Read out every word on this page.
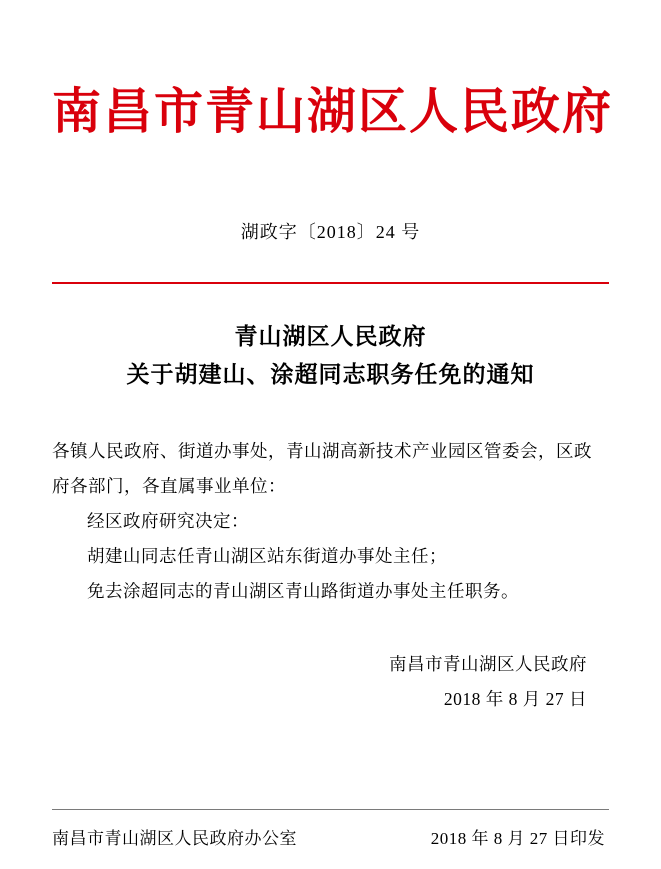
南昌市青山湖区人民政府
湖政字〔2018〕24 号
青山湖区人民政府
关于胡建山、涂超同志职务任免的通知

各镇人民政府、街道办事处，青山湖高新技术产业园区管委会，区政府各部门，各直属事业单位：

经区政府研究决定：

胡建山同志任青山湖区站东街道办事处主任；

免去涂超同志的青山湖区青山路街道办事处主任职务。

南昌市青山湖区人民政府
2018 年 8 月 27 日
南昌市青山湖区人民政府办公室	2018 年 8 月 27 日印发
